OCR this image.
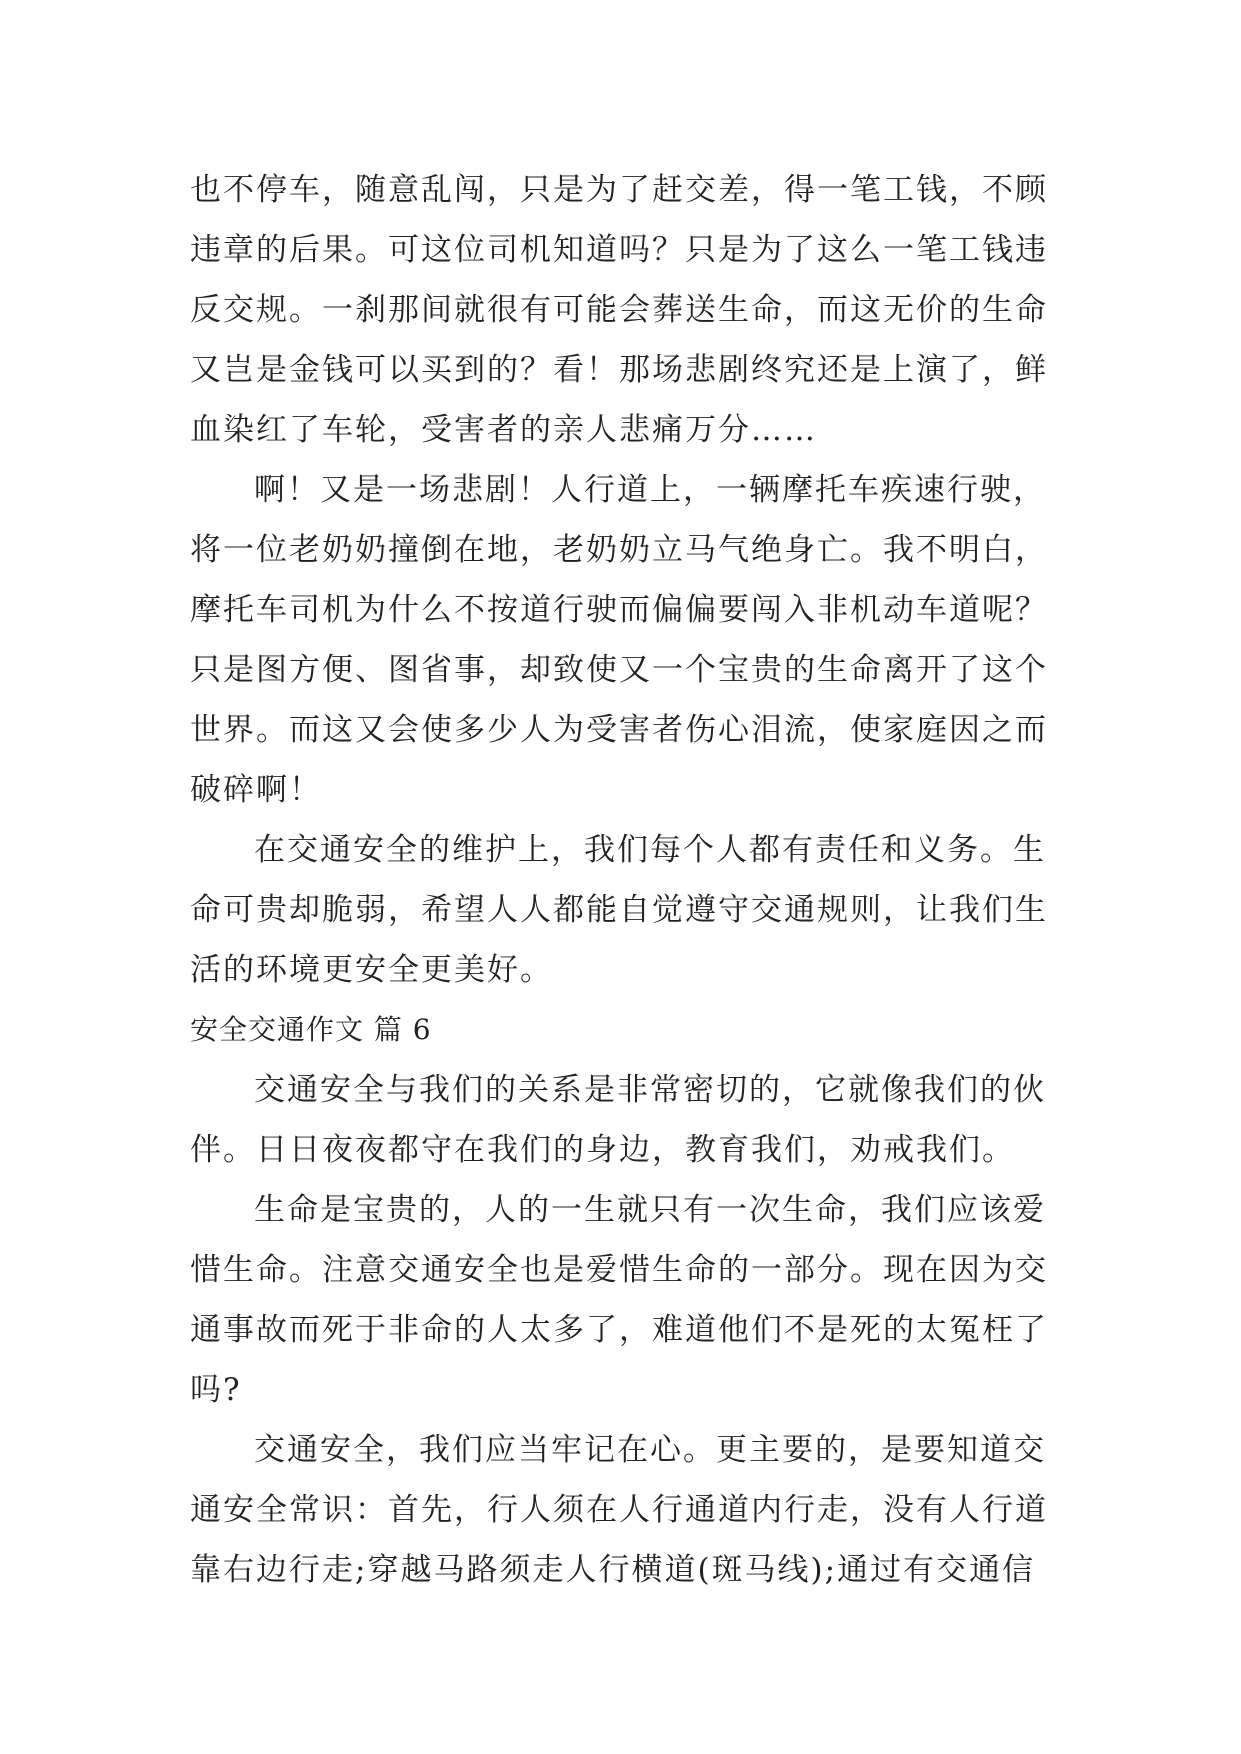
也不停车，随意乱闯，只是为了赶交差，得一笔工钱，不顾
违章的后果。可这位司机知道吗？只是为了这么一笔工钱违
反交规。一刹那间就很有可能会葬送生命，而这无价的生命
又岂是金钱可以买到的？看！那场悲剧终究还是上演了，鲜
血染红了车轮，受害者的亲人悲痛万分……
啊！又是一场悲剧！人行道上，一辆摩托车疾速行驶，
将一位老奶奶撞倒在地，老奶奶立马气绝身亡。我不明白，
摩托车司机为什么不按道行驶而偏偏要闯入非机动车道呢？
只是图方便、图省事，却致使又一个宝贵的生命离开了这个
世界。而这又会使多少人为受害者伤心泪流，使家庭因之而
破碎啊！
在交通安全的维护上，我们每个人都有责任和义务。生
命可贵却脆弱，希望人人都能自觉遵守交通规则，让我们生
活的环境更安全更美好。
安全交通作文 篇 6
交通安全与我们的关系是非常密切的，它就像我们的伙
伴。日日夜夜都守在我们的身边，教育我们，劝戒我们。
生命是宝贵的，人的一生就只有一次生命，我们应该爱
惜生命。注意交通安全也是爱惜生命的一部分。现在因为交
通事故而死于非命的人太多了，难道他们不是死的太冤枉了
吗?
交通安全，我们应当牢记在心。更主要的，是要知道交
通安全常识：首先，行人须在人行通道内行走，没有人行道
靠右边行走;穿越马路须走人行横道(斑马线);通过有交通信
